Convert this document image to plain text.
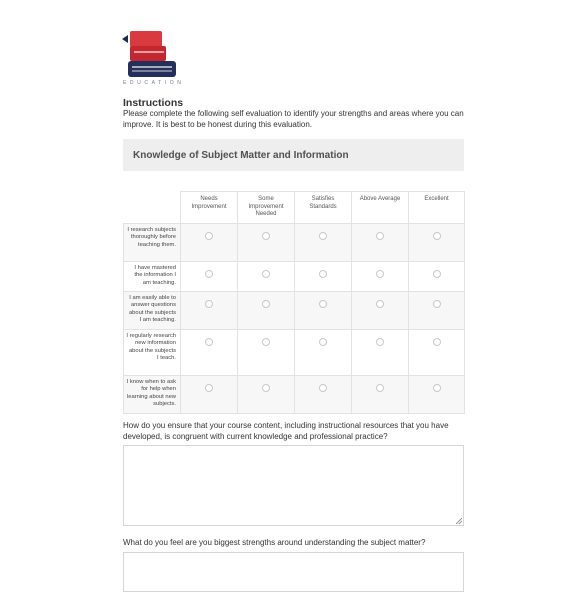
EDUCATION
Instructions
Please complete the following self evaluation to identify your strengths and areas where you can improve. It is best to be honest during this evaluation.
Knowledge of Subject Matter and Information
	Needs Improvement	Some Improvement Needed	Satisfies Standards	Above Average	Excellent
I research subjects thoroughly before teaching them.					
I have mastered the information I am teaching.					
I am easily able to answer questions about the subjects I am teaching.					
I regularly research new information about the subjects I teach.					
I know when to ask for help when learning about new subjects.					
How do you ensure that your course content, including instructional resources that you have developed, is congruent with current knowledge and professional practice?
What do you feel are you biggest strengths around understanding the subject matter?
